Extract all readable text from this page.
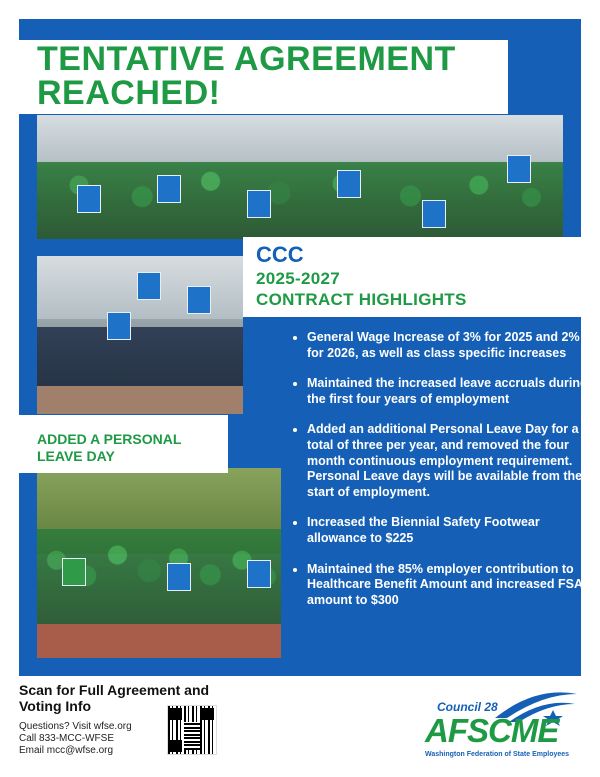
TENTATIVE AGREEMENT REACHED!
CCC
2025-2027
CONTRACT HIGHLIGHTS

ADDED A PERSONAL LEAVE DAY

• General Wage Increase of 3% for 2025 and 2% for 2026, as well as class specific increases
• Maintained the increased leave accruals during the first four years of employment
• Added an additional Personal Leave Day for a total of three per year, and removed the four month continuous employment requirement. Personal Leave days will be available from the start of employment.
• Increased the Biennial Safety Footwear allowance to $225
• Maintained the 85% employer contribution to Healthcare Benefit Amount and increased FSA amount to $300

Scan for Full Agreement and Voting Info

Questions? Visit wfse.org
Call 833-MCC-WFSE
Email mcc@wfse.org

Council 28

AFSCME

Washington Federation of State Employees
